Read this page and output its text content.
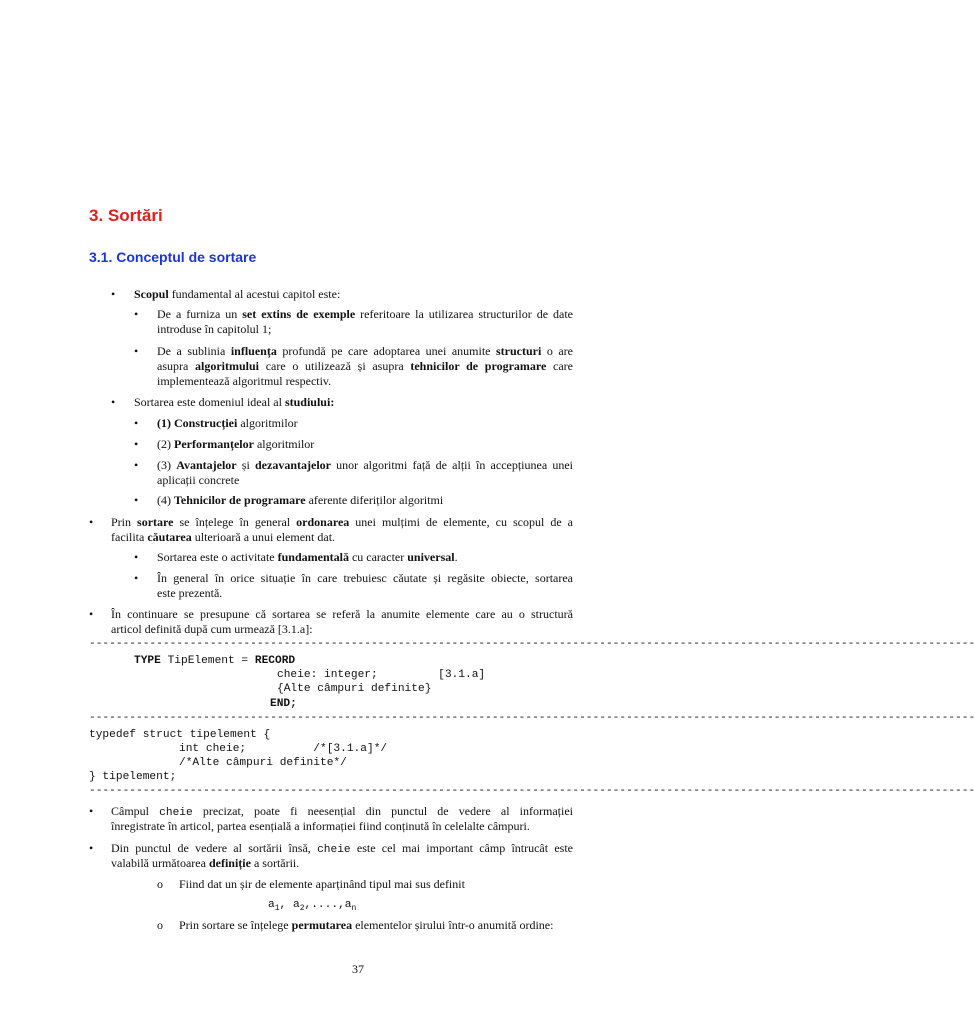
3. Sortări
3.1. Conceptul de sortare
• Scopul fundamental al acestui capitol este:
• De a furniza un set extins de exemple referitoare la utilizarea structurilor de date
introduse în capitolul 1;
• De a sublinia influența profundă pe care adoptarea unei anumite structuri o are
asupra algoritmului care o utilizează și asupra tehnicilor de programare care
implementează algoritmul respectiv.
• Sortarea este domeniul ideal al studiului:
• (1) Construcției algoritmilor
• (2) Performanțelor algoritmilor
• (3) Avantajelor și dezavantajelor unor algoritmi față de alții în accepțiunea unei
aplicații concrete
• (4) Tehnicilor de programare aferente diferiților algoritmi
• Prin sortare se înțelege în general ordonarea unei mulțimi de elemente, cu scopul de a
facilita căutarea ulterioară a unui element dat.
• Sortarea este o activitate fundamentală cu caracter universal.
• În general în orice situație în care trebuiesc căutate și regăsite obiecte, sortarea
este prezentă.
• În continuare se presupune că sortarea se referă la anumite elemente care au o structură
articol definită după cum urmează [3.1.a]:
------------------------------------------------------------------------------------------------------------------------------------
TYPE TipElement = RECORD
cheie: integer;         [3.1.a]
{Alte câmpuri definite}
END;
------------------------------------------------------------------------------------------------------------------------------------
typedef struct tipelement {
int cheie;          /*[3.1.a]*/
/*Alte câmpuri definite*/
} tipelement;
------------------------------------------------------------------------------------------------------------------------------------
• Câmpul cheie precizat, poate fi neesențial din punctul de vedere al informației
înregistrate în articol, partea esențială a informației fiind conținută în celelalte câmpuri.
• Din punctul de vedere al sortării însă, cheie este cel mai important câmp întrucât este
valabilă următoarea definiție a sortării.
o Fiind dat un șir de elemente aparținând tipul mai sus definit
$a_1$, $a_2,....,a_n$
o Prin sortare se înțelege permutarea elementelor șirului într-o anumită ordine:
37
